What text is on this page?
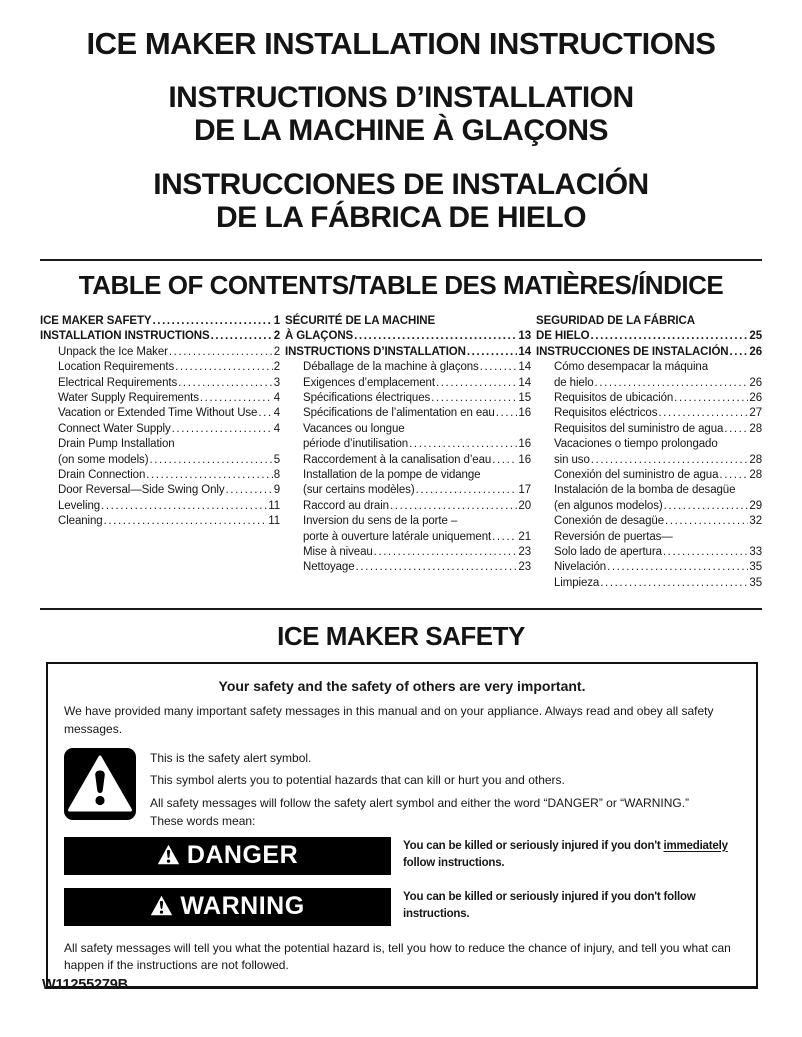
ICE MAKER INSTALLATION INSTRUCTIONS
INSTRUCTIONS D’INSTALLATION
DE LA MACHINE À GLAÇONS
INSTRUCCIONES DE INSTALACIÓN
DE LA FÁBRICA DE HIELO
TABLE OF CONTENTS/TABLE DES MATIÈRES/ÍNDICE
ICE MAKER SAFETY .....	1
INSTALLATION INSTRUCTIONS .....	2
Unpack the Ice Maker .....	2
Location Requirements .....	2
Electrical Requirements .....	3
Water Supply Requirements .....	4
Vacation or Extended Time Without Use ..... 4
Connect Water Supply .....	4
Drain Pump Installation
(on some models) .....	5
Drain Connection .....	8
Door Reversal—Side Swing Only .....	9
Leveling .....	11
Cleaning .....	11
SÉCURITÉ DE LA MACHINE
À GLAÇONS .....	13
INSTRUCTIONS D’INSTALLATION .....	14
Déballage de la machine à glaçons .....	14
Exigences d’emplacement .....	14
Spécifications électriques .....	15
Spécifications de l’alimentation en eau ..... 16
Vacances ou longue
période d’inutilisation .....	16
Raccordement à la canalisation d’eau ..... 16
Installation de la pompe de vidange
(sur certains modèles) .....	17
Raccord au drain .....	20
Inversion du sens de la porte –
porte à ouverture latérale uniquement ..... 21
Mise à niveau .....	23
Nettoyage .....	23
SEGURIDAD DE LA FÁBRICA
DE HIELO .....	25
INSTRUCCIONES DE INSTALACIÓN ..... 26
Cómo desempacar la máquina
de hielo .....	26
Requisitos de ubicación .....	26
Requisitos eléctricos .....	27
Requisitos del suministro de agua ..... 28
Vacaciones o tiempo prolongado
sin uso .....	28
Conexión del suministro de agua .....	28
Instalación de la bomba de desagüe
(en algunos modelos) .....	29
Conexión de desagüe .....	32
Reversión de puertas—
Solo lado de apertura .....	33
Nivelación .....	35
Limpieza .....	35
ICE MAKER SAFETY
Your safety and the safety of others are very important.

We have provided many important safety messages in this manual and on your appliance. Always read and obey all safety messages.

This is the safety alert symbol.
This symbol alerts you to potential hazards that can kill or hurt you and others.
All safety messages will follow the safety alert symbol and either the word “DANGER” or “WARNING.”
These words mean:
DANGER	You can be killed or seriously injured if you don't immediately
follow instructions.
WARNING	You can be killed or seriously injured if you don't follow
instructions.

All safety messages will tell you what the potential hazard is, tell you how to reduce the chance of injury, and tell you what can happen if the instructions are not followed.

W11255279B
